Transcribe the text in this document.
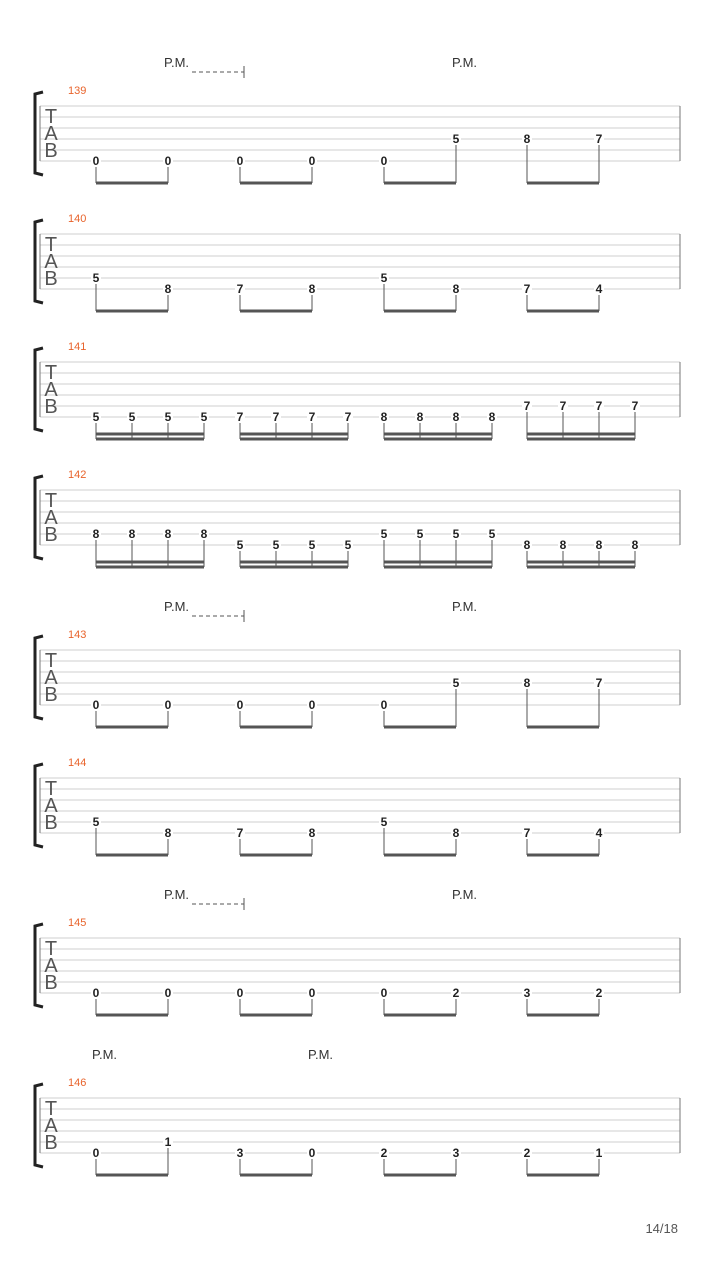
T
A
B
139
P.M.	P.M.
0	0	0	0	0
5	8	7
T
A
B
140
5
8	7	8
5
8	7	4
T
A
B
141
5 5 5 5 7 7 7 7 8 8 8 8
7 7 7 7
T
A
B
142
8 8 8 8
5 5 5 5
5 5 5 5
8 8 8 8
T
A
B
143
P.M.	P.M.
0	0	0	0	0
5	8	7
T
A
B
144
5
8	7	8
5
8	7	4
T
A
B
145
P.M.	P.M.
0	0	0	0	0	2	3	2
T
A
B
146
P.M.	P.M.
0
1
3	0	2	3	2	1
14/18
